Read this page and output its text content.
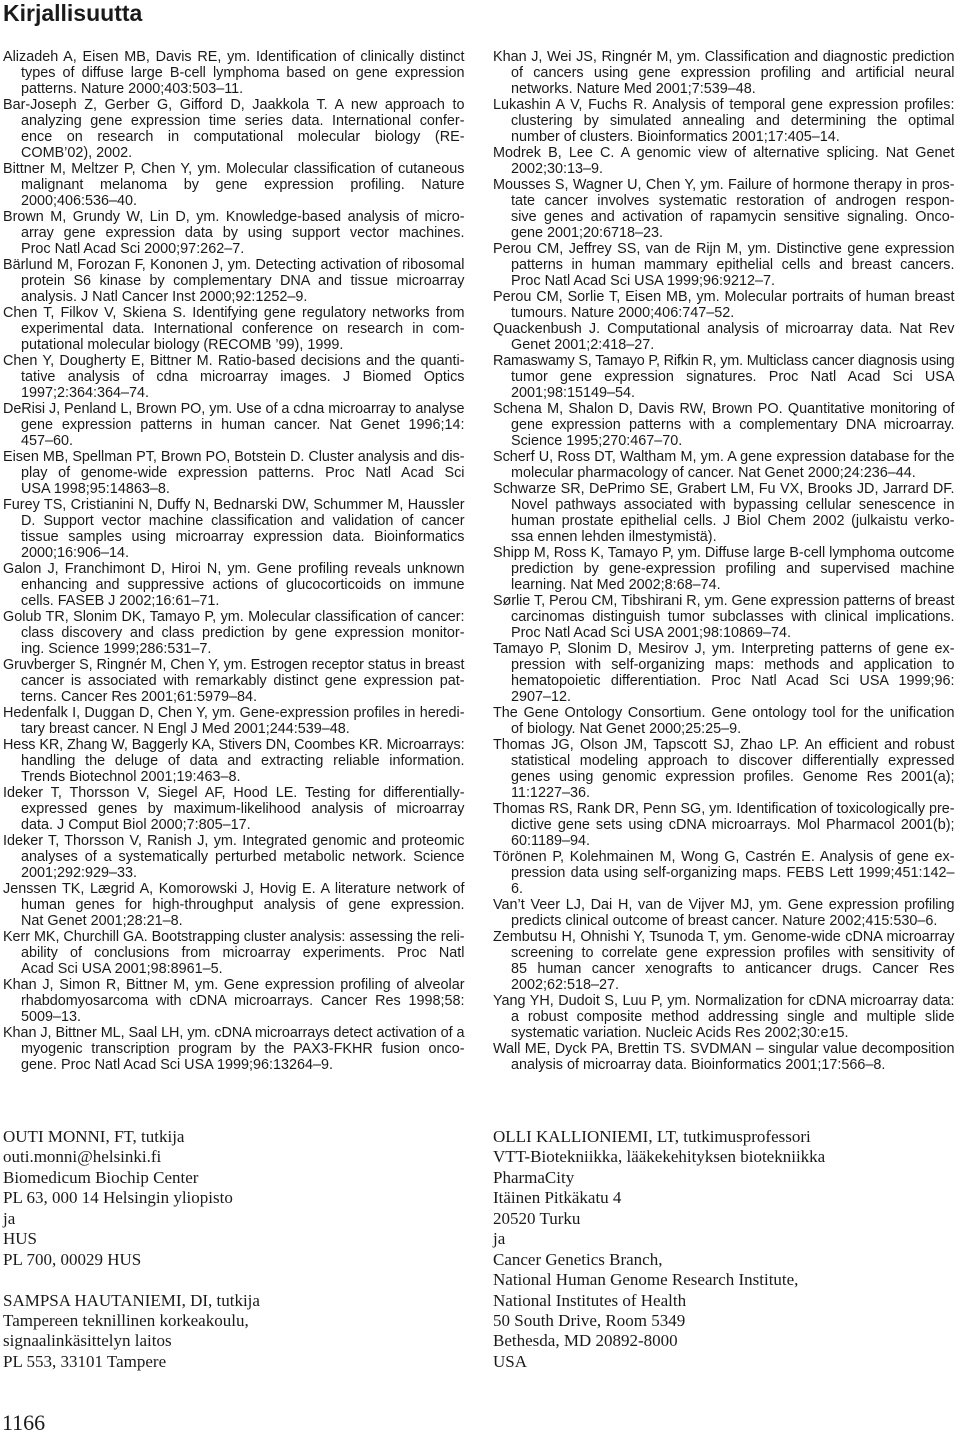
Kirjallisuutta
Alizadeh A, Eisen MB, Davis RE, ym. Identification of clinically distinct
types of diffuse large B-cell lymphoma based on gene expression
patterns. Nature 2000;403:503–11.
Bar-Joseph Z, Gerber G, Gifford D, Jaakkola T. A new approach to
analyzing gene expression time series data. International confer-
ence on research in computational molecular biology (RE-
COMB’02), 2002.
Bittner M, Meltzer P, Chen Y, ym. Molecular classification of cutaneous
malignant melanoma by gene expression profiling. Nature
2000;406:536–40.
Brown M, Grundy W, Lin D, ym. Knowledge-based analysis of micro-
array gene expression data by using support vector machines.
Proc Natl Acad Sci 2000;97:262–7.
Bärlund M, Forozan F, Kononen J, ym. Detecting activation of ribosomal
protein S6 kinase by complementary DNA and tissue microarray
analysis. J Natl Cancer Inst 2000;92:1252–9.
Chen T, Filkov V, Skiena S. Identifying gene regulatory networks from
experimental data. International conference on research in com-
putational molecular biology (RECOMB ’99), 1999.
Chen Y, Dougherty E, Bittner M. Ratio-based decisions and the quanti-
tative analysis of cdna microarray images. J Biomed Optics
1997;2:364:364–74.
DeRisi J, Penland L, Brown PO, ym. Use of a cdna microarray to analyse
gene expression patterns in human cancer. Nat Genet 1996;14:
457–60.
Eisen MB, Spellman PT, Brown PO, Botstein D. Cluster analysis and dis-
play of genome-wide expression patterns. Proc Natl Acad Sci
USA 1998;95:14863–8.
Furey TS, Cristianini N, Duffy N, Bednarski DW, Schummer M, Haussler
D. Support vector machine classification and validation of cancer
tissue samples using microarray expression data. Bioinformatics
2000;16:906–14.
Galon J, Franchimont D, Hiroi N, ym. Gene profiling reveals unknown
enhancing and suppressive actions of glucocorticoids on immune
cells. FASEB J 2002;16:61–71.
Golub TR, Slonim DK, Tamayo P, ym. Molecular classification of cancer:
class discovery and class prediction by gene expression monitor-
ing. Science 1999;286:531–7.
Gruvberger S, Ringnér M, Chen Y, ym. Estrogen receptor status in breast
cancer is associated with remarkably distinct gene expression pat-
terns. Cancer Res 2001;61:5979–84.
Hedenfalk I, Duggan D, Chen Y, ym. Gene-expression profiles in heredi-
tary breast cancer. N Engl J Med 2001;244:539–48.
Hess KR, Zhang W, Baggerly KA, Stivers DN, Coombes KR. Microarrays:
handling the deluge of data and extracting reliable information.
Trends Biotechnol 2001;19:463–8.
Ideker T, Thorsson V, Siegel AF, Hood LE. Testing for differentially-
expressed genes by maximum-likelihood analysis of microarray
data. J Comput Biol 2000;7:805–17.
Ideker T, Thorsson V, Ranish J, ym. Integrated genomic and proteomic
analyses of a systematically perturbed metabolic network. Science
2001;292:929–33.
Jenssen TK, Lægrid A, Komorowski J, Hovig E. A literature network of
human genes for high-throughput analysis of gene expression.
Nat Genet 2001;28:21–8.
Kerr MK, Churchill GA. Bootstrapping cluster analysis: assessing the reli-
ability of conclusions from microarray experiments. Proc Natl
Acad Sci USA 2001;98:8961–5.
Khan J, Simon R, Bittner M, ym. Gene expression profiling of alveolar
rhabdomyosarcoma with cDNA microarrays. Cancer Res 1998;58:
5009–13.
Khan J, Bittner ML, Saal LH, ym. cDNA microarrays detect activation of a
myogenic transcription program by the PAX3-FKHR fusion onco-
gene. Proc Natl Acad Sci USA 1999;96:13264–9.
Khan J, Wei JS, Ringnér M, ym. Classification and diagnostic prediction
of cancers using gene expression profiling and artificial neural
networks. Nature Med 2001;7:539–48.
Lukashin A V, Fuchs R. Analysis of temporal gene expression profiles:
clustering by simulated annealing and determining the optimal
number of clusters. Bioinformatics 2001;17:405–14.
Modrek B, Lee C. A genomic view of alternative splicing. Nat Genet
2002;30:13–9.
Mousses S, Wagner U, Chen Y, ym. Failure of hormone therapy in pros-
tate cancer involves systematic restoration of androgen respon-
sive genes and activation of rapamycin sensitive signaling. Onco-
gene 2001;20:6718–23.
Perou CM, Jeffrey SS, van de Rijn M, ym. Distinctive gene expression
patterns in human mammary epithelial cells and breast cancers.
Proc Natl Acad Sci USA 1999;96:9212–7.
Perou CM, Sorlie T, Eisen MB, ym. Molecular portraits of human breast
tumours. Nature 2000;406:747–52.
Quackenbush J. Computational analysis of microarray data. Nat Rev
Genet 2001;2:418–27.
Ramaswamy S, Tamayo P, Rifkin R, ym. Multiclass cancer diagnosis using
tumor gene expression signatures. Proc Natl Acad Sci USA
2001;98:15149–54.
Schena M, Shalon D, Davis RW, Brown PO. Quantitative monitoring of
gene expression patterns with a complementary DNA microarray.
Science 1995;270:467–70.
Scherf U, Ross DT, Waltham M, ym. A gene expression database for the
molecular pharmacology of cancer. Nat Genet 2000;24:236–44.
Schwarze SR, DePrimo SE, Grabert LM, Fu VX, Brooks JD, Jarrard DF.
Novel pathways associated with bypassing cellular senescence in
human prostate epithelial cells. J Biol Chem 2002 (julkaistu verko-
ssa ennen lehden ilmestymistä).
Shipp M, Ross K, Tamayo P, ym. Diffuse large B-cell lymphoma outcome
prediction by gene-expression profiling and supervised machine
learning. Nat Med 2002;8:68–74.
Sørlie T, Perou CM, Tibshirani R, ym. Gene expression patterns of breast
carcinomas distinguish tumor subclasses with clinical implications.
Proc Natl Acad Sci USA 2001;98:10869–74.
Tamayo P, Slonim D, Mesirov J, ym. Interpreting patterns of gene ex-
pression with self-organizing maps: methods and application to
hematopoietic differentiation. Proc Natl Acad Sci USA 1999;96:
2907–12.
The Gene Ontology Consortium. Gene ontology tool for the unification
of biology. Nat Genet 2000;25:25–9.
Thomas JG, Olson JM, Tapscott SJ, Zhao LP. An efficient and robust
statistical modeling approach to discover differentially expressed
genes using genomic expression profiles. Genome Res 2001(a);
11:1227–36.
Thomas RS, Rank DR, Penn SG, ym. Identification of toxicologically pre-
dictive gene sets using cDNA microarrays. Mol Pharmacol 2001(b);
60:1189–94.
Törönen P, Kolehmainen M, Wong G, Castrén E. Analysis of gene ex-
pression data using self-organizing maps. FEBS Lett 1999;451:142–
6.
Van’t Veer LJ, Dai H, van de Vijver MJ, ym. Gene expression profiling
predicts clinical outcome of breast cancer. Nature 2002;415:530–6.
Zembutsu H, Ohnishi Y, Tsunoda T, ym. Genome-wide cDNA microarray
screening to correlate gene expression profiles with sensitivity of
85 human cancer xenografts to anticancer drugs. Cancer Res
2002;62:518–27.
Yang YH, Dudoit S, Luu P, ym. Normalization for cDNA microarray data:
a robust composite method addressing single and multiple slide
systematic variation. Nucleic Acids Res 2002;30:e15.
Wall ME, Dyck PA, Brettin TS. SVDMAN – singular value decomposition
analysis of microarray data. Bioinformatics 2001;17:566–8.
OUTI MONNI, FT, tutkija
outi.monni@helsinki.fi
Biomedicum Biochip Center
PL 63, 000 14 Helsingin yliopisto
ja
HUS
PL 700, 00029 HUS
SAMPSA HAUTANIEMI, DI, tutkija
Tampereen teknillinen korkeakoulu,
signaalinkäsittelyn laitos
PL 553, 33101 Tampere
OLLI KALLIONIEMI, LT, tutkimusprofessori
VTT-Biotekniikka, lääkekehityksen biotekniikka
PharmaCity
Itäinen Pitkäkatu 4
20520 Turku
ja
Cancer Genetics Branch,
National Human Genome Research Institute,
National Institutes of Health
50 South Drive, Room 5349
Bethesda, MD 20892-8000
USA
1166
